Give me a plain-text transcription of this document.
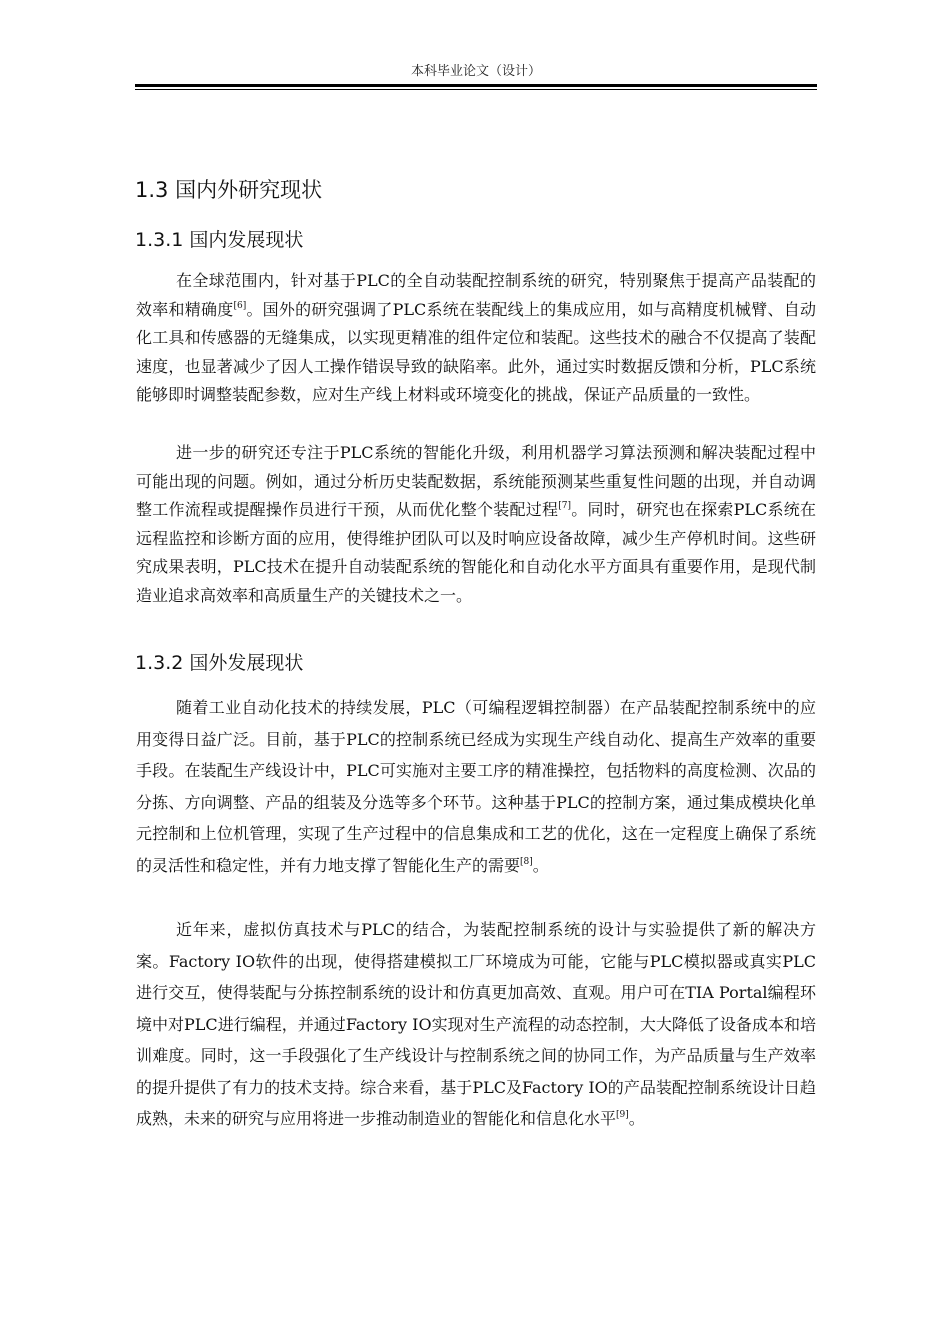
本科毕业论文（设计）
1.3 国内外研究现状
1.3.1 国内发展现状

在全球范围内，针对基于PLC的全自动装配控制系统的研究，特别聚焦于提高产品装配的效率和精确度[6]。国外的研究强调了PLC系统在装配线上的集成应用，如与高精度机械臂、自动化工具和传感器的无缝集成，以实现更精准的组件定位和装配。这些技术的融合不仅提高了装配速度，也显著减少了因人工操作错误导致的缺陷率。此外，通过实时数据反馈和分析，PLC系统能够即时调整装配参数，应对生产线上材料或环境变化的挑战，保证产品质量的一致性。

进一步的研究还专注于PLC系统的智能化升级，利用机器学习算法预测和解决装配过程中可能出现的问题。例如，通过分析历史装配数据，系统能预测某些重复性问题的出现，并自动调整工作流程或提醒操作员进行干预，从而优化整个装配过程[7]。同时，研究也在探索PLC系统在远程监控和诊断方面的应用，使得维护团队可以及时响应设备故障，减少生产停机时间。这些研究成果表明，PLC技术在提升自动装配系统的智能化和自动化水平方面具有重要作用，是现代制造业追求高效率和高质量生产的关键技术之一。

1.3.2 国外发展现状

随着工业自动化技术的持续发展，PLC（可编程逻辑控制器）在产品装配控制系统中的应用变得日益广泛。目前，基于PLC的控制系统已经成为实现生产线自动化、提高生产效率的重要手段。在装配生产线设计中，PLC可实施对主要工序的精准操控，包括物料的高度检测、次品的分拣、方向调整、产品的组装及分选等多个环节。这种基于PLC的控制方案，通过集成模块化单元控制和上位机管理，实现了生产过程中的信息集成和工艺的优化，这在一定程度上确保了系统的灵活性和稳定性，并有力地支撑了智能化生产的需要[8]。

近年来，虚拟仿真技术与PLC的结合，为装配控制系统的设计与实验提供了新的解决方案。Factory IO软件的出现，使得搭建模拟工厂环境成为可能，它能与PLC模拟器或真实PLC进行交互，使得装配与分拣控制系统的设计和仿真更加高效、直观。用户可在TIA Portal编程环境中对PLC进行编程，并通过Factory IO实现对生产流程的动态控制，大大降低了设备成本和培训难度。同时，这一手段强化了生产线设计与控制系统之间的协同工作，为产品质量与生产效率的提升提供了有力的技术支持。综合来看，基于PLC及Factory IO的产品装配控制系统设计日趋成熟，未来的研究与应用将进一步推动制造业的智能化和信息化水平[9]。
